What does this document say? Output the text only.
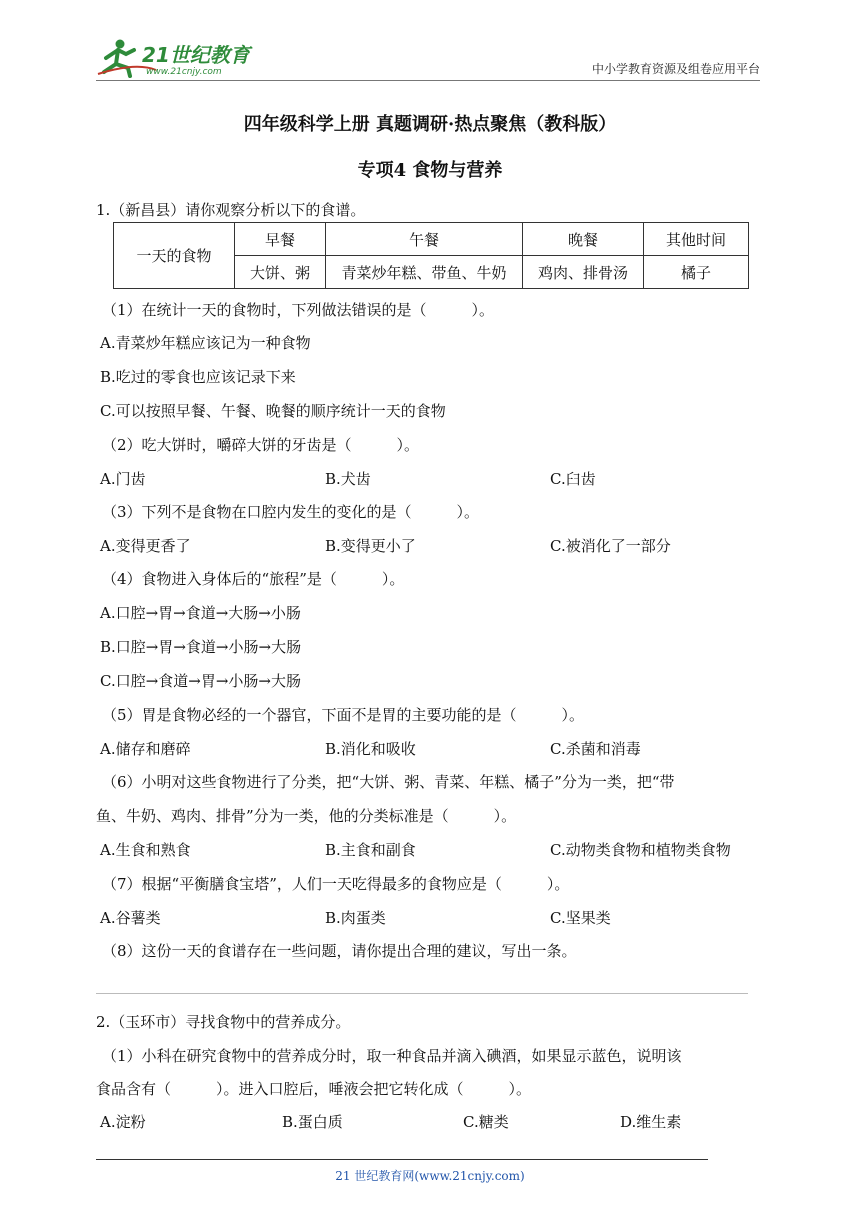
21世纪教育
www.21cnjy.com	中小学教育资源及组卷应用平台
四年级科学上册 真题调研·热点聚焦（教科版）
专项4 食物与营养
1.（新昌县）请你观察分析以下的食谱。
一天的食物	早餐	午餐	晚餐	其他时间
	大饼、粥	青菜炒年糕、带鱼、牛奶	鸡肉、排骨汤	橘子
（1）在统计一天的食物时，下列做法错误的是（　　　）。
A.青菜炒年糕应该记为一种食物
B.吃过的零食也应该记录下来
C.可以按照早餐、午餐、晚餐的顺序统计一天的食物
（2）吃大饼时，嚼碎大饼的牙齿是（　　　）。
A.门齿	B.犬齿	C.臼齿
（3）下列不是食物在口腔内发生的变化的是（　　　）。
A.变得更香了	B.变得更小了	C.被消化了一部分
（4）食物进入身体后的“旅程”是（　　　）。
A.口腔→胃→食道→大肠→小肠
B.口腔→胃→食道→小肠→大肠
C.口腔→食道→胃→小肠→大肠
（5）胃是食物必经的一个器官，下面不是胃的主要功能的是（　　　）。
A.储存和磨碎	B.消化和吸收	C.杀菌和消毒
（6）小明对这些食物进行了分类，把“大饼、粥、青菜、年糕、橘子”分为一类，把“带
鱼、牛奶、鸡肉、排骨”分为一类，他的分类标准是（　　　）。
A.生食和熟食	B.主食和副食	C.动物类食物和植物类食物
（7）根据“平衡膳食宝塔”，人们一天吃得最多的食物应是（　　　）。
A.谷薯类	B.肉蛋类	C.坚果类
（8）这份一天的食谱存在一些问题，请你提出合理的建议，写出一条。
2.（玉环市）寻找食物中的营养成分。
（1）小科在研究食物中的营养成分时，取一种食品并滴入碘酒，如果显示蓝色，说明该
食品含有（　　　）。进入口腔后，唾液会把它转化成（　　　）。
A.淀粉	B.蛋白质	C.糖类	D.维生素
21 世纪教育网(www.21cnjy.com)
